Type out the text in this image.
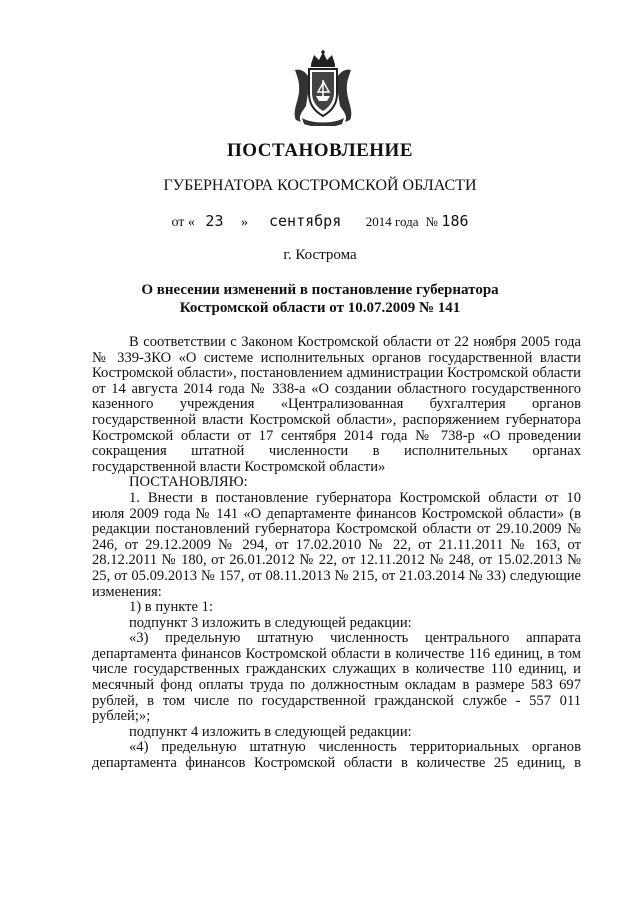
ПОСТАНОВЛЕНИЕ
ГУБЕРНАТОРА КОСТРОМСКОЙ ОБЛАСТИ
от « 23 » сентября 2014 года № 186
г. Кострома
О внесении изменений в постановление губернатора
Костромской области от 10.07.2009 № 141

В соответствии с Законом Костромской области от 22 ноября 2005 года № 339-ЗКО «О системе исполнительных органов государственной власти Костромской области», постановлением администрации Костромской области от 14 августа 2014 года № 338-а «О создании областного государственного казенного учреждения «Централизованная бухгалтерия органов государственной власти Костромской области», распоряжением губернатора Костромской области от 17 сентября 2014 года № 738-р «О проведении сокращения штатной численности в исполнительных органах государственной власти Костромской области»

ПОСТАНОВЛЯЮ:

1. Внести в постановление губернатора Костромской области от 10 июля 2009 года № 141 «О департаменте финансов Костромской области» (в редакции постановлений губернатора Костромской области от 29.10.2009 № 246, от 29.12.2009 № 294, от 17.02.2010 № 22, от 21.11.2011 № 163, от 28.12.2011 № 180, от 26.01.2012 № 22, от 12.11.2012 № 248, от 15.02.2013 № 25, от 05.09.2013 № 157, от 08.11.2013 № 215, от 21.03.2014 № 33) следующие изменения:

1) в пункте 1:

подпункт 3 изложить в следующей редакции:

«3) предельную штатную численность центрального аппарата департамента финансов Костромской области в количестве 116 единиц, в том числе государственных гражданских служащих в количестве 110 единиц, и месячный фонд оплаты труда по должностным окладам в размере 583 697 рублей, в том числе по государственной гражданской службе - 557 011 рублей;»;

подпункт 4 изложить в следующей редакции:

«4) предельную штатную численность территориальных органов департамента финансов Костромской области в количестве 25 единиц, в
